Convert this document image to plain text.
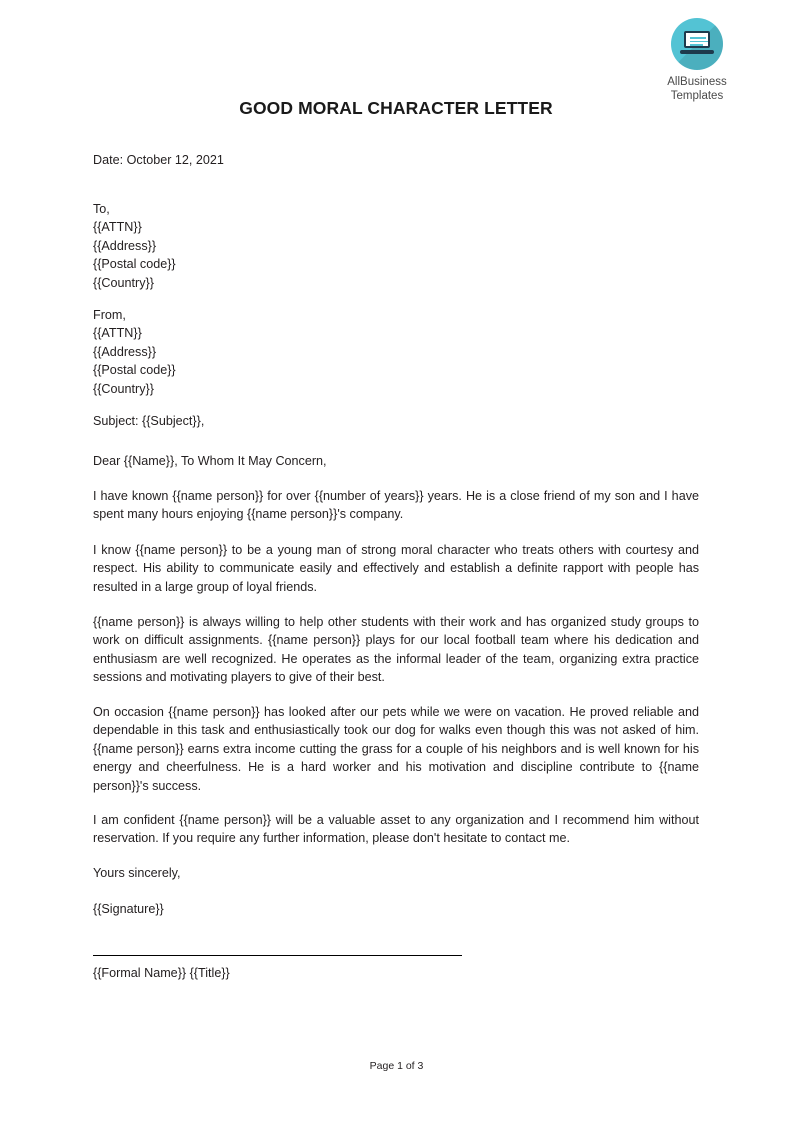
AllBusiness
Templates
GOOD MORAL CHARACTER LETTER
Date: October 12, 2021
To,
{{ATTN}}
{{Address}}
{{Postal code}}
{{Country}}
From,
{{ATTN}}
{{Address}}
{{Postal code}}
{{Country}}
Subject: {{Subject}},
Dear {{Name}}, To Whom It May Concern,
I have known {{name person}} for over {{number of years}} years. He is a close friend of my son and I have spent many hours enjoying {{name person}}'s company.
I know {{name person}} to be a young man of strong moral character who treats others with courtesy and respect. His ability to communicate easily and effectively and establish a definite rapport with people has resulted in a large group of loyal friends.
{{name person}} is always willing to help other students with their work and has organized study groups to work on difficult assignments. {{name person}} plays for our local football team where his dedication and enthusiasm are well recognized. He operates as the informal leader of the team, organizing extra practice sessions and motivating players to give of their best.
On occasion {{name person}} has looked after our pets while we were on vacation. He proved reliable and dependable in this task and enthusiastically took our dog for walks even though this was not asked of him. {{name person}} earns extra income cutting the grass for a couple of his neighbors and is well known for his energy and cheerfulness. He is a hard worker and his motivation and discipline contribute to {{name person}}'s success.
I am confident {{name person}} will be a valuable asset to any organization and I recommend him without reservation. If you require any further information, please don't hesitate to contact me.
Yours sincerely,
{{Signature}}
{{Formal Name}} {{Title}}
Page 1 of 3
